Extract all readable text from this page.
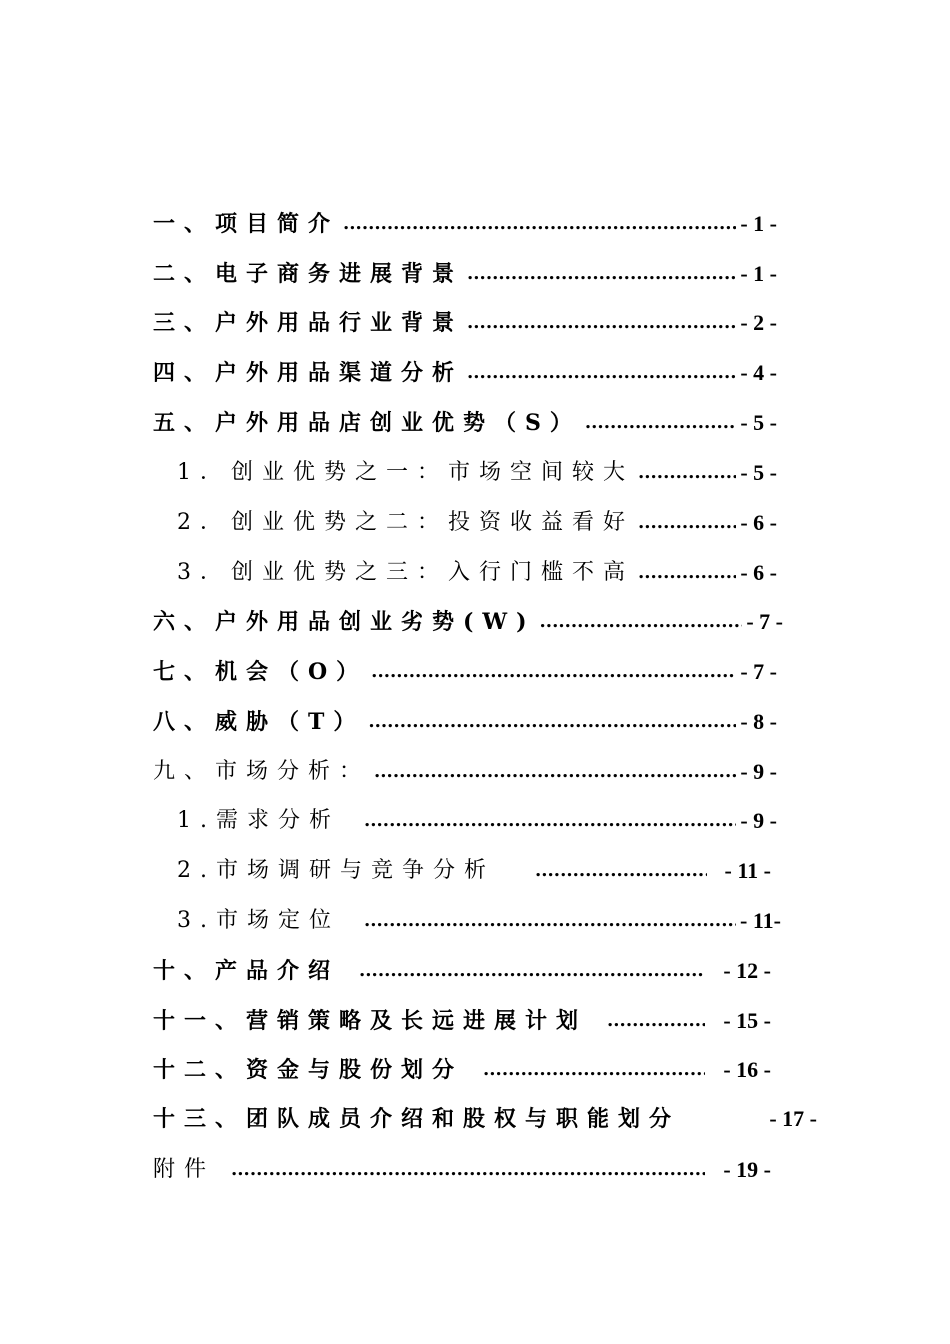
一、项目简介 .....	- 1 -
二、电子商务进展背景 .....	- 1 -
三、户外用品行业背景 .....	- 2 -
四、户外用品渠道分析 .....	- 4 -
五、户外用品店创业优势（S） .....	- 5 -
1．创业优势之一：市场空间较大 .....	- 5 -
2．创业优势之二：投资收益看好 .....	- 6 -
3．创业优势之三：入行门槛不高 .....	- 6 -
六、户外用品创业劣势(W) .....	- 7 -
七、机会（O） .....	- 7 -
八、威胁（T） .....	- 8 -
九、市场分析： .....	- 9 -
1.需求分析 .....	- 9 -
2.市场调研与竞争分析 .....	- 11 -
3.市场定位 .....	- 11-
十、产品介绍 .....	- 12 -
十一、营销策略及长远进展计划 .....	- 15 -
十二、资金与股份划分 .....	- 16 -
十三、团队成员介绍和股权与职能划分	- 17 -
附件 .....	- 19 -
